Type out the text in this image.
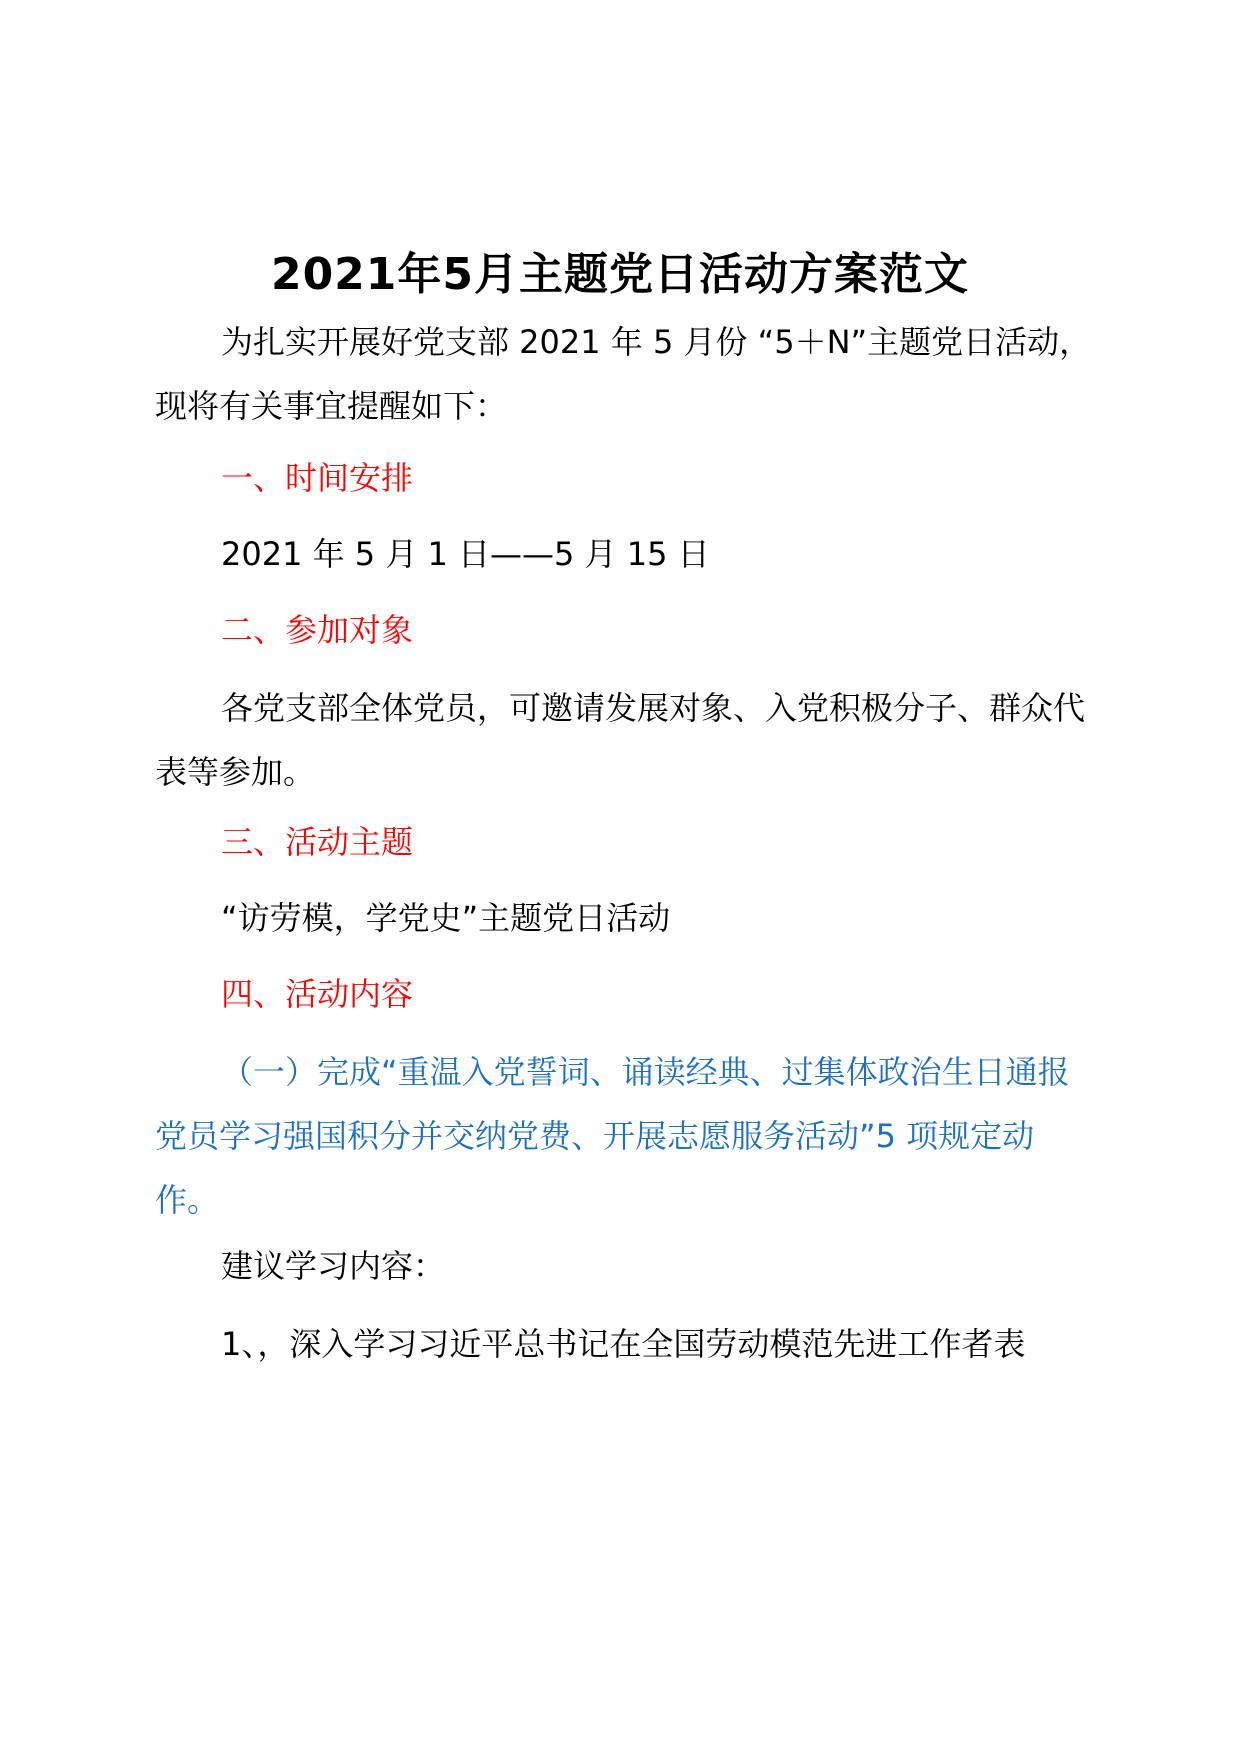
2021年5月主题党日活动方案范文
为扎实开展好党支部 2021 年 5 月份 “5＋N”主题党日活动，现将有关事宜提醒如下：
一、时间安排
2021 年 5 月 1 日——5 月 15 日
二、参加对象
各党支部全体党员，可邀请发展对象、入党积极分子、群众代表等参加。
三、活动主题
“访劳模，学党史”主题党日活动
四、活动内容
（一）完成“重温入党誓词、诵读经典、过集体政治生日通报党员学习强国积分并交纳党费、开展志愿服务活动”5 项规定动作。
建议学习内容：
1、，深入学习习近平总书记在全国劳动模范先进工作者表
